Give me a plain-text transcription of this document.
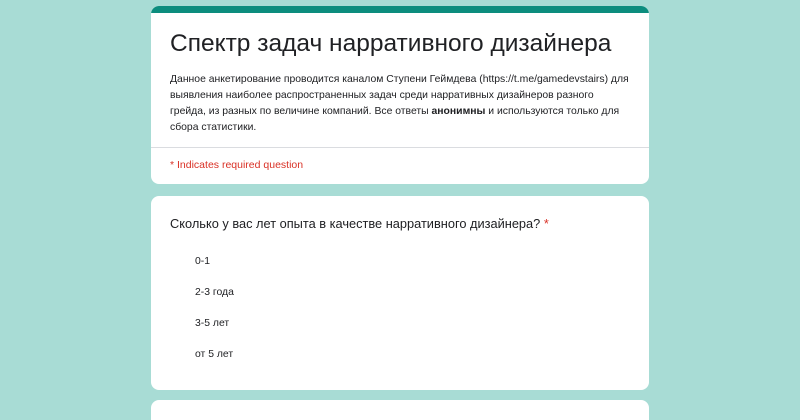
Спектр задач нарративного дизайнера
Данное анкетирование проводится каналом Ступени Геймдева (https://t.me/gamedevstairs) для выявления наиболее распространенных задач среди нарративных дизайнеров разного грейда, из разных по величине компаний. Все ответы анонимны и используются только для сбора статистики.
* Indicates required question
Сколько у вас лет опыта в качестве нарративного дизайнера? *
0-1
2-3 года
3-5 лет
от 5 лет
